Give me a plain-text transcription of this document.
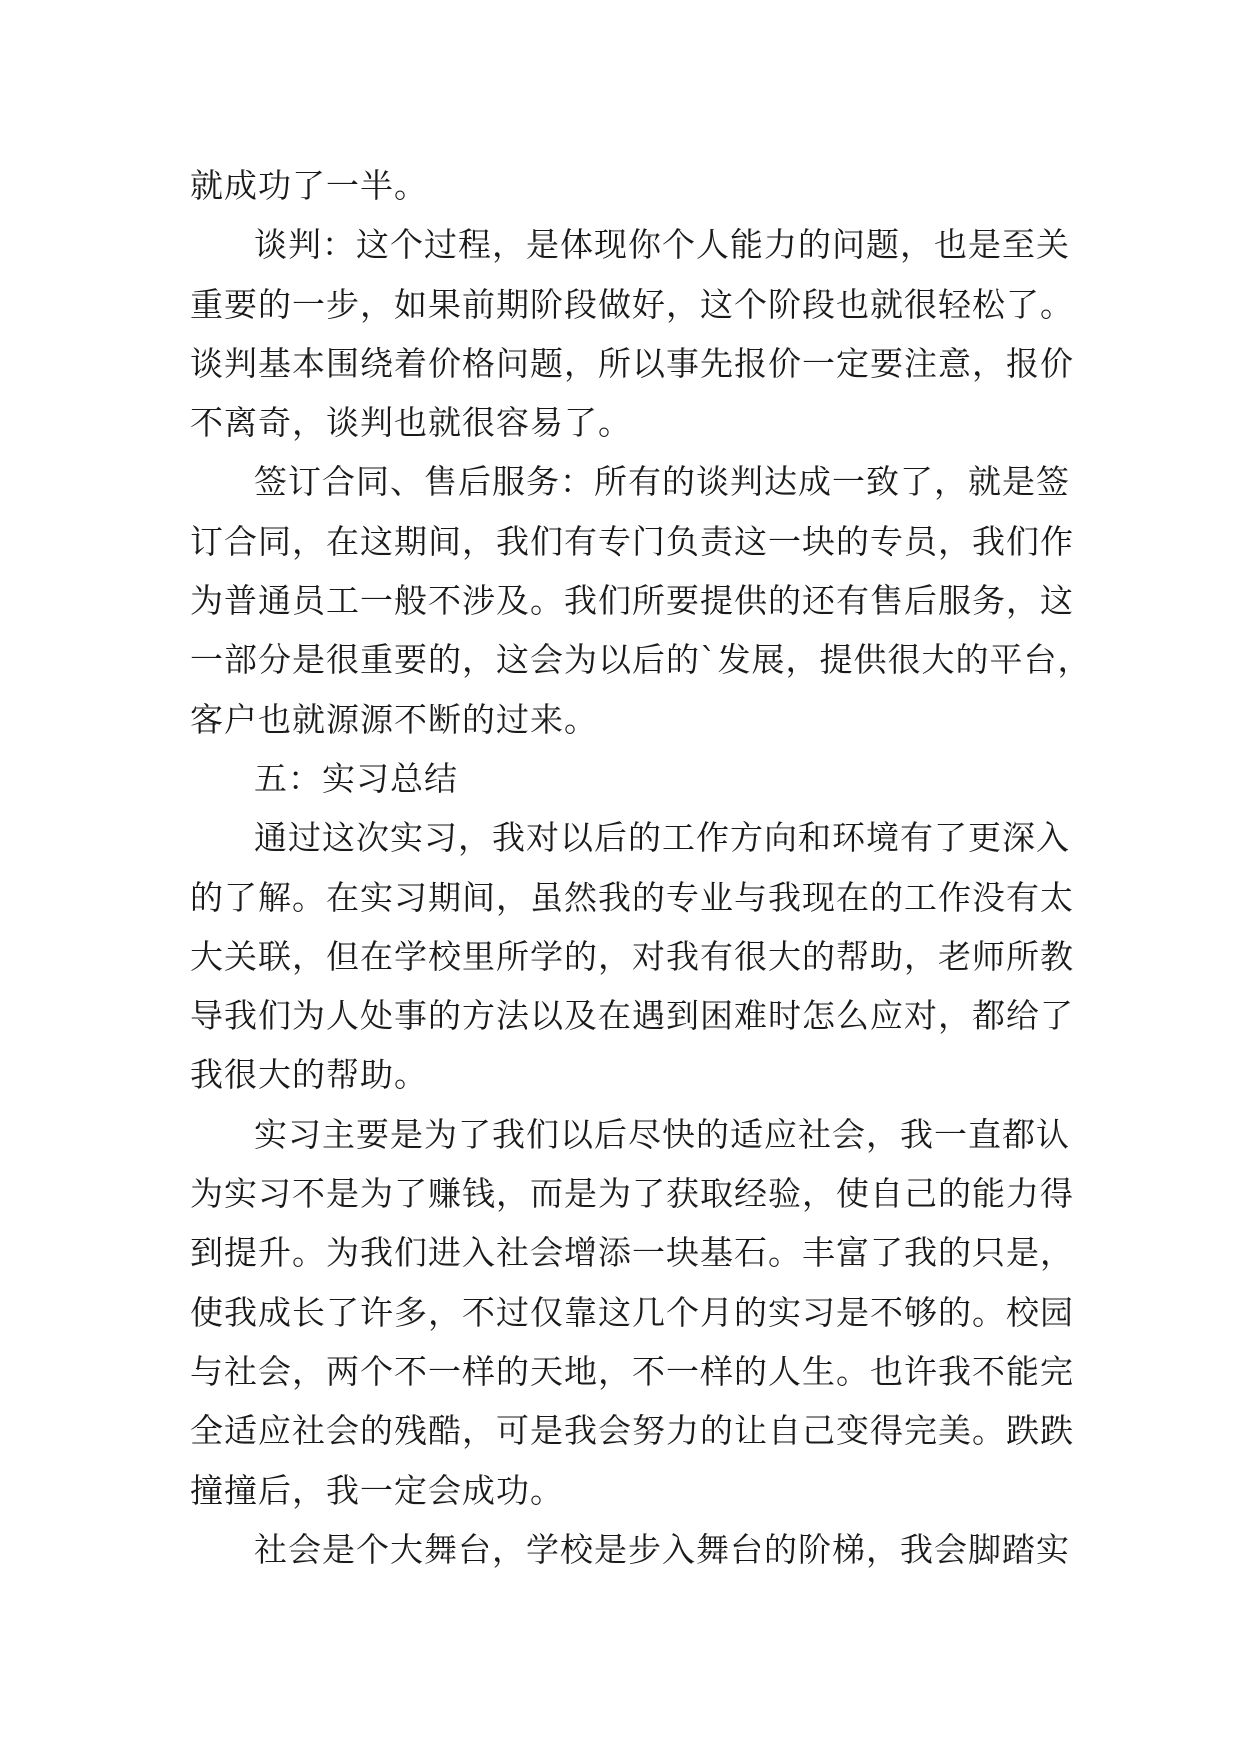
就成功了一半。
谈判：这个过程，是体现你个人能力的问题，也是至关
重要的一步，如果前期阶段做好，这个阶段也就很轻松了。
谈判基本围绕着价格问题，所以事先报价一定要注意，报价
不离奇，谈判也就很容易了。
签订合同、售后服务：所有的谈判达成一致了，就是签
订合同，在这期间，我们有专门负责这一块的专员，我们作
为普通员工一般不涉及。我们所要提供的还有售后服务，这
一部分是很重要的，这会为以后的`发展，提供很大的平台，
客户也就源源不断的过来。
五：实习总结
通过这次实习，我对以后的工作方向和环境有了更深入
的了解。在实习期间，虽然我的专业与我现在的工作没有太
大关联，但在学校里所学的，对我有很大的帮助，老师所教
导我们为人处事的方法以及在遇到困难时怎么应对，都给了
我很大的帮助。
实习主要是为了我们以后尽快的适应社会，我一直都认
为实习不是为了赚钱，而是为了获取经验，使自己的能力得
到提升。为我们进入社会增添一块基石。丰富了我的只是，
使我成长了许多，不过仅靠这几个月的实习是不够的。校园
与社会，两个不一样的天地，不一样的人生。也许我不能完
全适应社会的残酷，可是我会努力的让自己变得完美。跌跌
撞撞后，我一定会成功。
社会是个大舞台，学校是步入舞台的阶梯，我会脚踏实
